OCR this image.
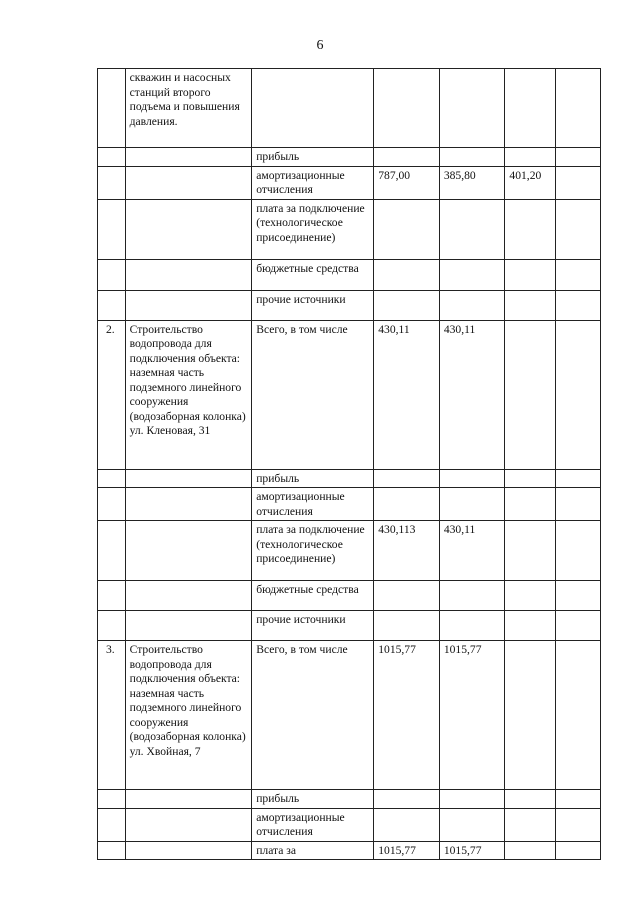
6
	скважин и насосных станций второго подъема и повышения давления.					
		прибыль				
		амортизационные отчисления	787,00	385,80	401,20	
		плата за подключение (технологическое присоединение)				
		бюджетные средства				
		прочие источники				
2.	Строительство водопровода для подключения объекта: наземная часть подземного линейного сооружения (водозаборная колонка) ул. Кленовая, 31	Всего, в том числе	430,11	430,11		
		прибыль				
		амортизационные отчисления				
		плата за подключение (технологическое присоединение)	430,113	430,11		
		бюджетные средства				
		прочие источники				
3.	Строительство водопровода для подключения объекта: наземная часть подземного линейного сооружения (водозаборная колонка) ул. Хвойная, 7	Всего, в том числе	1015,77	1015,77		
		прибыль				
		амортизационные отчисления				
		плата за	1015,77	1015,77		
